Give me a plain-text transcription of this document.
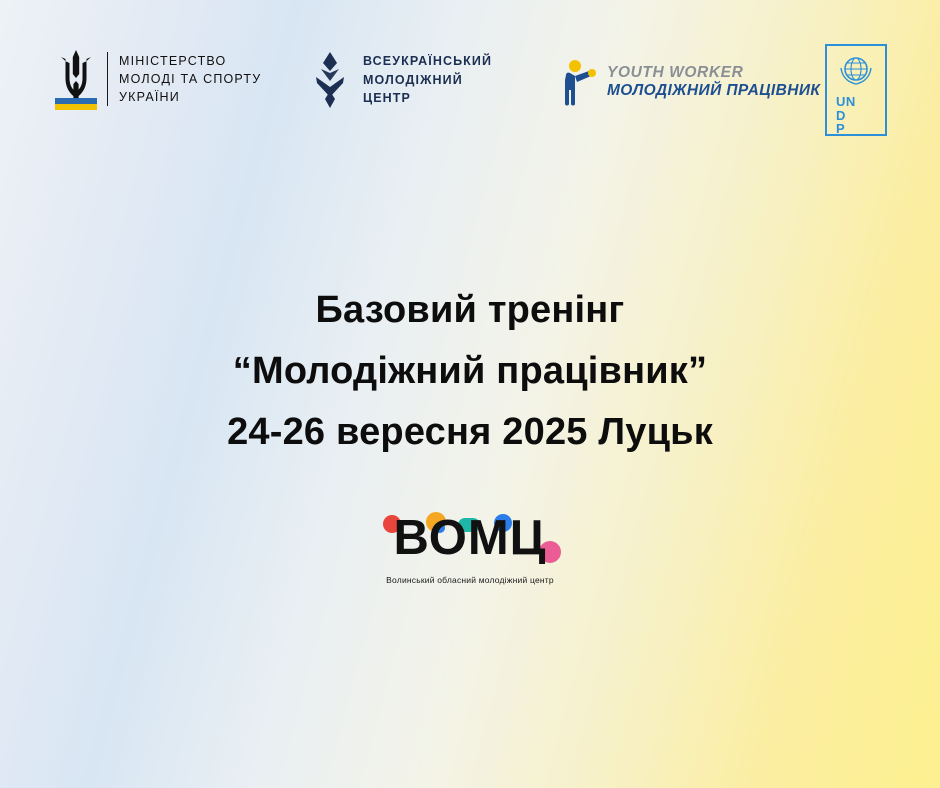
МІНІСТЕРСТВО
МОЛОДІ ТА СПОРТУ
УКРАЇНИ
ВСЕУКРАЇНСЬКИЙ
МОЛОДІЖНИЙ
ЦЕНТР
YOUTH WORKER
МОЛОДІЖНИЙ ПРАЦІВНИК
UN
D
P
Базовий тренінг
“Молодіжний працівник”
24-26 вересня 2025 Луцьк
ВОМЦ
Волинський обласний молодіжний центр
